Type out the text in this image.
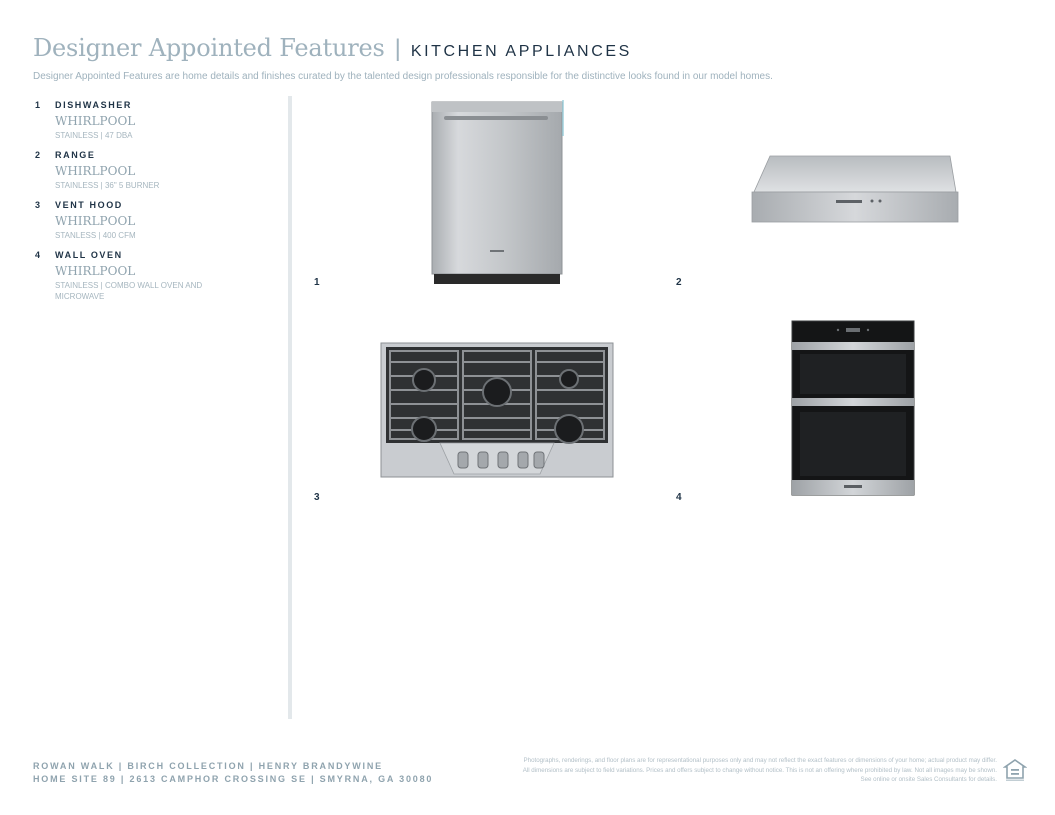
Designer Appointed Features | KITCHEN APPLIANCES
Designer Appointed Features are home details and finishes curated by the talented design professionals responsible for the distinctive looks found in our model homes.
1	DISHWASHER
WHIRLPOOL
STAINLESS | 47 DBA
2	RANGE
WHIRLPOOL
STAINLESS | 36" 5 BURNER
3	VENT HOOD
WHIRLPOOL
STANLESS | 400 CFM
4	WALL OVEN
WHIRLPOOL
STAINLESS | COMBO WALL OVEN AND MICROWAVE
1	2
3	4
ROWAN WALK | BIRCH COLLECTION | HENRY BRANDYWINE
HOME SITE 89 | 2613 CAMPHOR CROSSING SE | SMYRNA, GA 30080
Photographs, renderings, and floor plans are for representational purposes only and may not reflect the exact features or dimensions of your home; actual product may differ. All dimensions are subject to field variations. Prices and offers subject to change without notice. This is not an offering where prohibited by law. Not all images may be shown. See online or onsite Sales Consultants for details.
